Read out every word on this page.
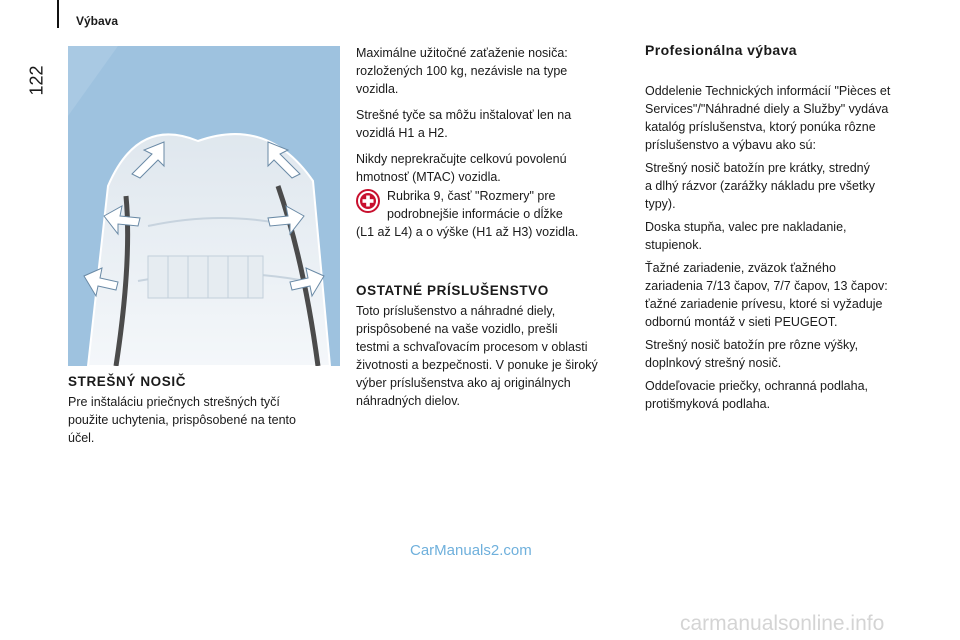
Výbava
122
STREŠNÝ NOSIČ
Pre inštaláciu priečnych strešných tyčí
použite uchytenia, prispôsobené na tento
účel.
Maximálne užitočné zaťaženie nosiča:
rozložených 100 kg, nezávisle na type
vozidla.
Strešné tyče sa môžu inštalovať len na
vozidlá H1 a H2.
Nikdy neprekračujte celkovú povolenú
hmotnosť (MTAC) vozidla.
Rubrika 9, časť "Rozmery" pre
podrobnejšie informácie o dĺžke
(L1 až L4) a o výške (H1 až H3) vozidla.
OSTATNÉ PRÍSLUŠENSTVO
Toto príslušenstvo a náhradné diely,
prispôsobené na vaše vozidlo, prešli
testmi a schvaľovacím procesom v oblasti
životnosti a bezpečnosti. V ponuke je široký
výber príslušenstva ako aj originálnych
náhradných dielov.
Profesionálna výbava
Oddelenie Technických informácií "Pièces et
Services"/"Náhradné diely a Služby" vydáva
katalóg príslušenstva, ktorý ponúka rôzne
príslušenstvo a výbavu ako sú:
Strešný nosič batožín pre krátky, stredný
a dlhý rázvor (zarážky nákladu pre všetky
typy).
Doska stupňa, valec pre nakladanie,
stupienok.
Ťažné zariadenie, zväzok ťažného
zariadenia 7/13 čapov, 7/7 čapov, 13 čapov:
ťažné zariadenie prívesu, ktoré si vyžaduje
odbornú montáž v sieti PEUGEOT.
Strešný nosič batožín pre rôzne výšky,
doplnkový strešný nosič.
Oddeľovacie priečky, ochranná podlaha,
protišmyková podlaha.
CarManuals2.com
carmanualsonline.info
